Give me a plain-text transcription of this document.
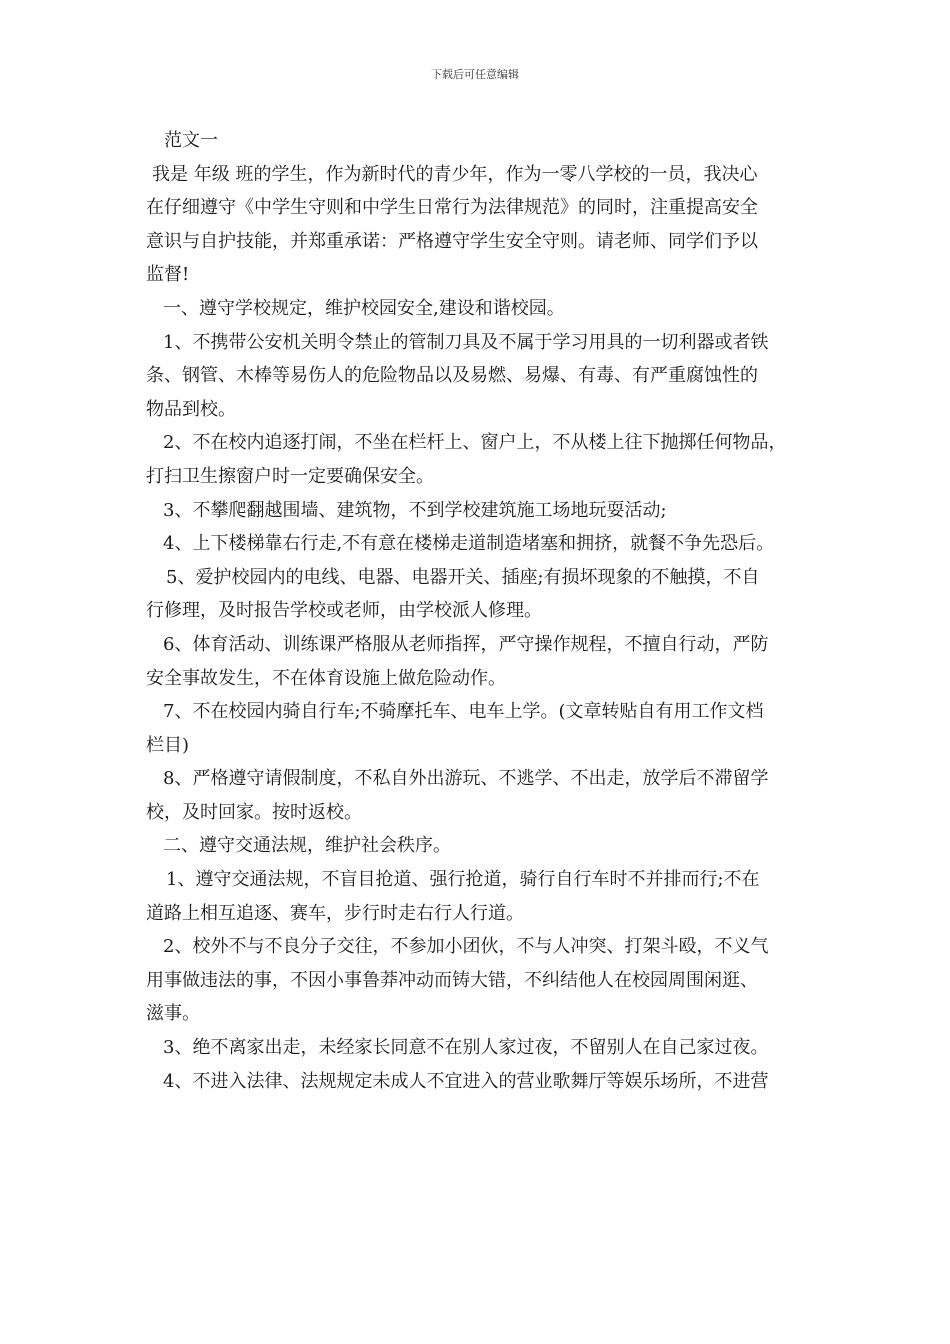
下载后可任意编辑
范文一
我是 年级 班的学生，作为新时代的青少年，作为一零八学校的一员，我决心
在仔细遵守《中学生守则和中学生日常行为法律规范》的同时，注重提高安全
意识与自护技能，并郑重承诺：严格遵守学生安全守则。请老师、同学们予以
监督!
一、遵守学校规定，维护校园安全,建设和谐校园。
1、不携带公安机关明令禁止的管制刀具及不属于学习用具的一切利器或者铁
条、钢管、木棒等易伤人的危险物品以及易燃、易爆、有毒、有严重腐蚀性的
物品到校。
2、不在校内追逐打闹，不坐在栏杆上、窗户上，不从楼上往下抛掷任何物品，
打扫卫生擦窗户时一定要确保安全。
3、不攀爬翻越围墙、建筑物，不到学校建筑施工场地玩耍活动;
4、上下楼梯靠右行走,不有意在楼梯走道制造堵塞和拥挤，就餐不争先恐后。
5、爱护校园内的电线、电器、电器开关、插座;有损坏现象的不触摸，不自
行修理，及时报告学校或老师，由学校派人修理。
6、体育活动、训练课严格服从老师指挥，严守操作规程，不擅自行动，严防
安全事故发生，不在体育设施上做危险动作。
7、不在校园内骑自行车;不骑摩托车、电车上学。(文章转贴自有用工作文档
栏目)
8、严格遵守请假制度，不私自外出游玩、不逃学、不出走，放学后不滞留学
校，及时回家。按时返校。
二、遵守交通法规，维护社会秩序。
1、遵守交通法规，不盲目抢道、强行抢道，骑行自行车时不并排而行;不在
道路上相互追逐、赛车，步行时走右行人行道。
2、校外不与不良分子交往，不参加小团伙，不与人冲突、打架斗殴，不义气
用事做违法的事，不因小事鲁莽冲动而铸大错，不纠结他人在校园周围闲逛、
滋事。
3、绝不离家出走，未经家长同意不在别人家过夜，不留别人在自己家过夜。
4、不进入法律、法规规定未成人不宜进入的营业歌舞厅等娱乐场所，不进营
